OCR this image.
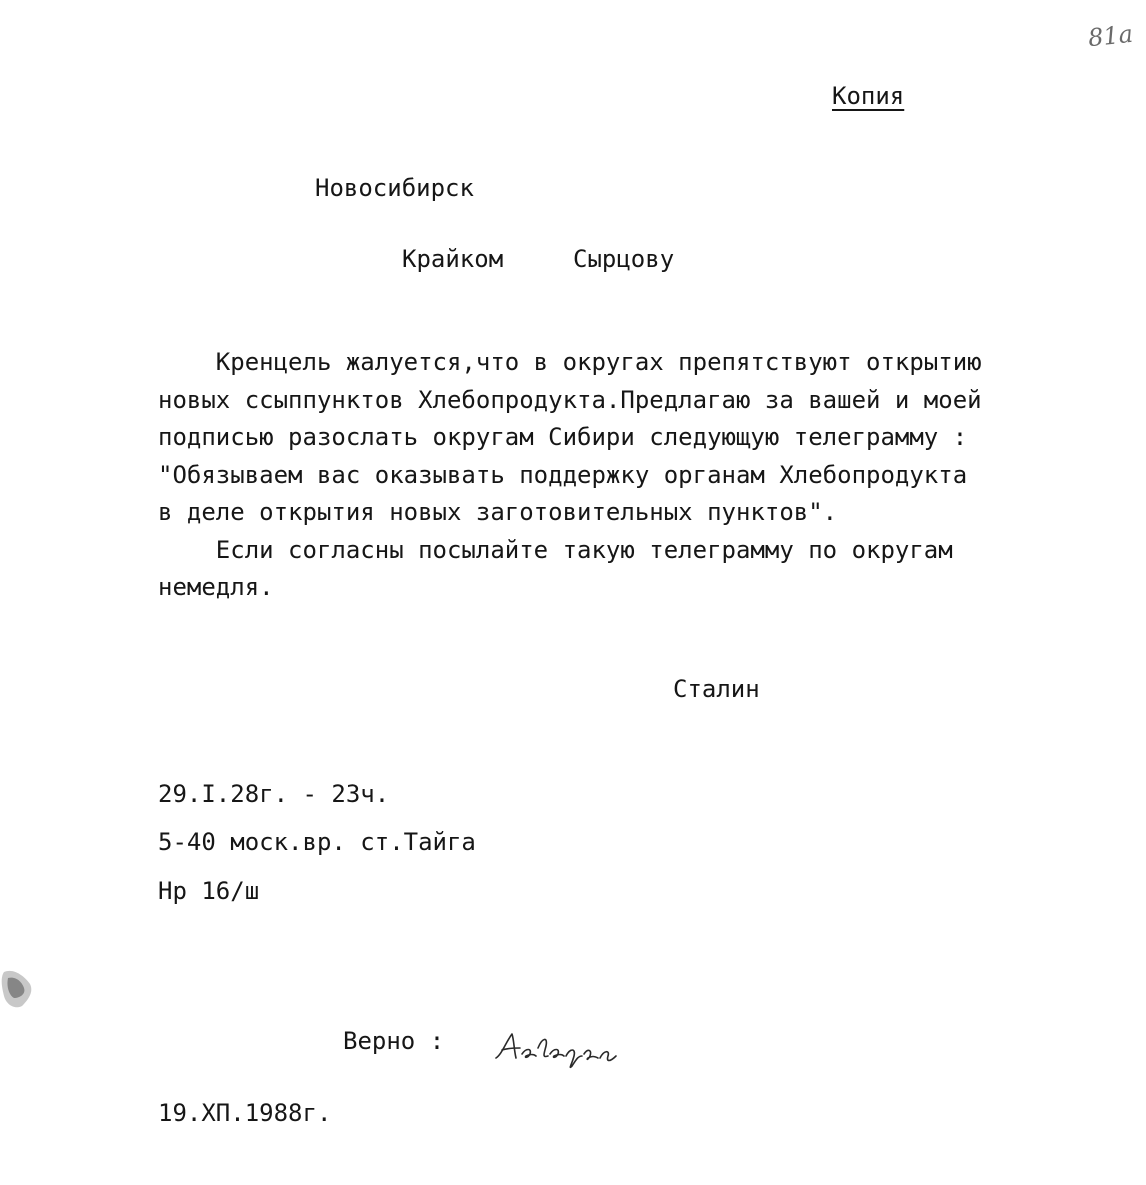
81а
Копия
Новосибирск
Крайком	Сырцову
Кренцель жалуется,что в округах препятствуют открытию
новых ссыппунктов Хлебопродукта.Предлагаю за вашей и моей
подписью разослать округам Сибири следующую телеграмму :
"Обязываем вас оказывать поддержку органам Хлебопродукта
в деле открытия новых заготовительных пунктов".
Если согласны посылайте такую телеграмму по округам
немедля.
Сталин
29.I.28г. - 23ч.
5-40 моск.вр. ст.Тайга
Нр 16/ш
Верно :
19.ХП.1988г.
